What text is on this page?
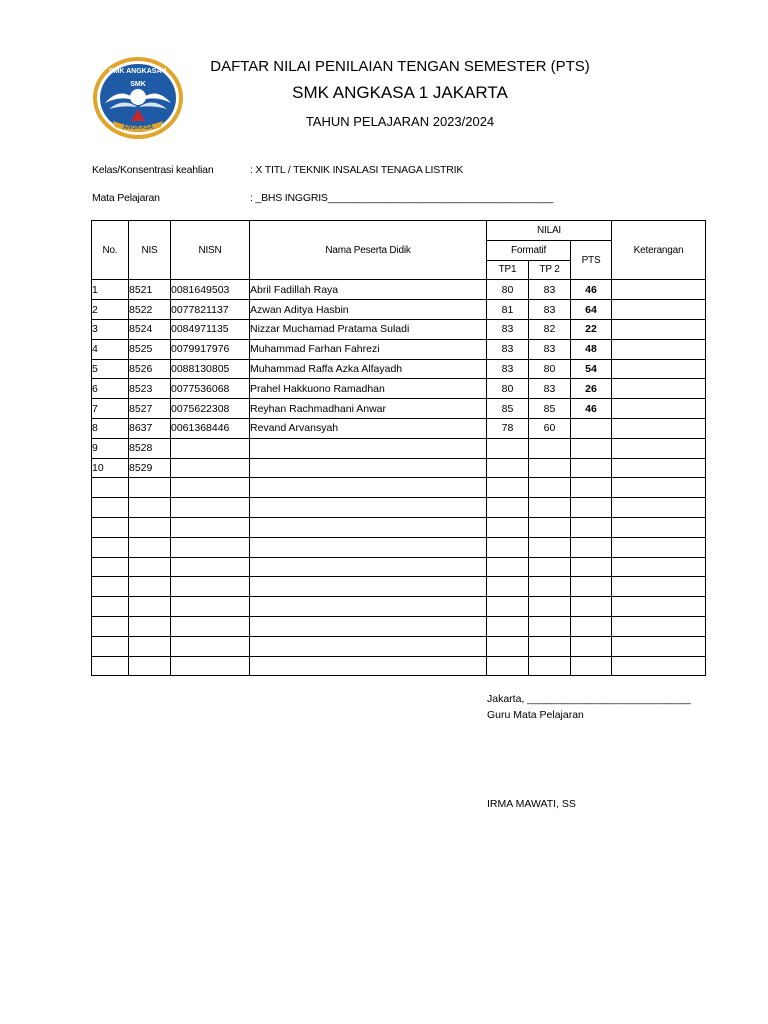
SMK ANGKASA 1
SMK
ANGKASA
DAFTAR NILAI PENILAIAN TENGAN SEMESTER (PTS)
SMK ANGKASA 1 JAKARTA
TAHUN PELAJARAN 2023/2024
Kelas/Konsentrasi keahlian	: X TITL / TEKNIK INSALASI TENAGA LISTRIK
Mata Pelajaran	: _BHS INGGRIS________________________________________
No.	NIS	NISN	Nama Peserta Didik	NILAI			Keterangan
				Formatif		PTS	
				TP1	TP 2		
1	8521	0081649503	Abril Fadillah Raya	80	83	46	
2	8522	0077821137	Azwan Aditya Hasbin	81	83	64	
3	8524	0084971135	Nizzar Muchamad Pratama Suladi	83	82	22	
4	8525	0079917976	Muhammad Farhan Fahrezi	83	83	48	
5	8526	0088130805	Muhammad Raffa Azka Alfayadh	83	80	54	
6	8523	0077536068	Prahel Hakkuono Ramadhan	80	83	26	
7	8527	0075622308	Reyhan Rachmadhani Anwar	85	85	46	
8	8637	0061368446	Revand Arvansyah	78	60		
9	8528						
10	8529						

Jakarta, ____________________________
Guru Mata Pelajaran
IRMA MAWATI, SS
